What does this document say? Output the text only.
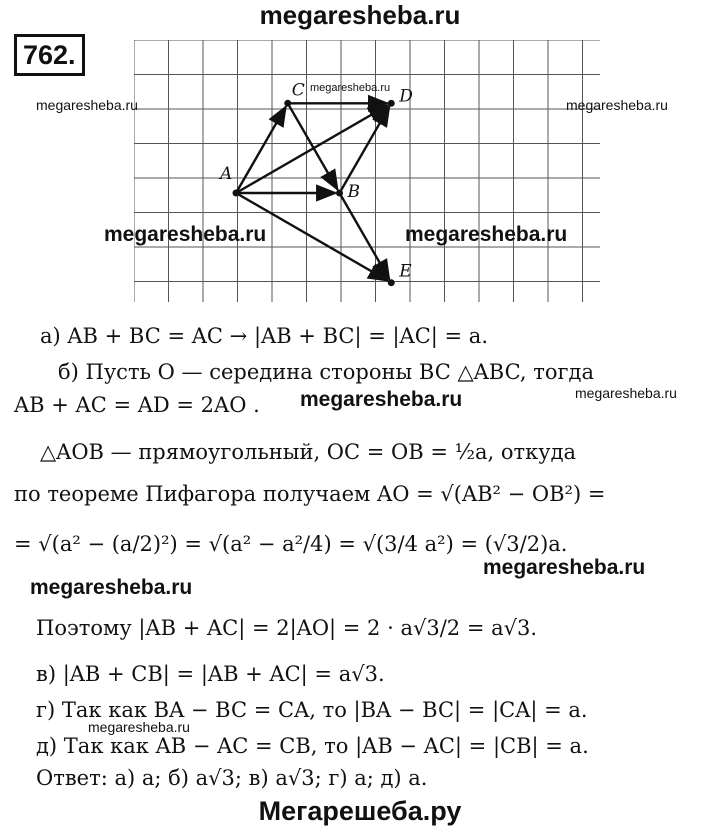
megaresheba.ru
762.
A
B
C	D
E
megaresheba.ru
megaresheba.ru	megaresheba.ru
megaresheba.ru	megaresheba.ru
megaresheba.ru	megaresheba.ru
megaresheba.ru
megaresheba.ru
megaresheba.ru
а) AB + BC = AC → |AB + BC| = |AC| = a.
б) Пусть O — середина стороны BC △ABC, тогда
AB + AC = AD = 2AO .
△AOB — прямоугольный, OC = OB = ½a, откуда
по теореме Пифагора получаем AO = √(AB² − OB²) =
= √(a² − (a/2)²) = √(a² − a²/4) = √(3/4 a²) = (√3/2)a.
Поэтому |AB + AC| = 2|AO| = 2 · a√3/2 = a√3.
в) |AB + CB| = |AB + AC| = a√3.
г) Так как BA − BC = CA, то |BA − BC| = |CA| = a.
д) Так как AB − AC = CB, то |AB − AC| = |CB| = a.
Ответ: а) a; б) a√3; в) a√3; г) a; д) a.
Мегарешеба.ру
